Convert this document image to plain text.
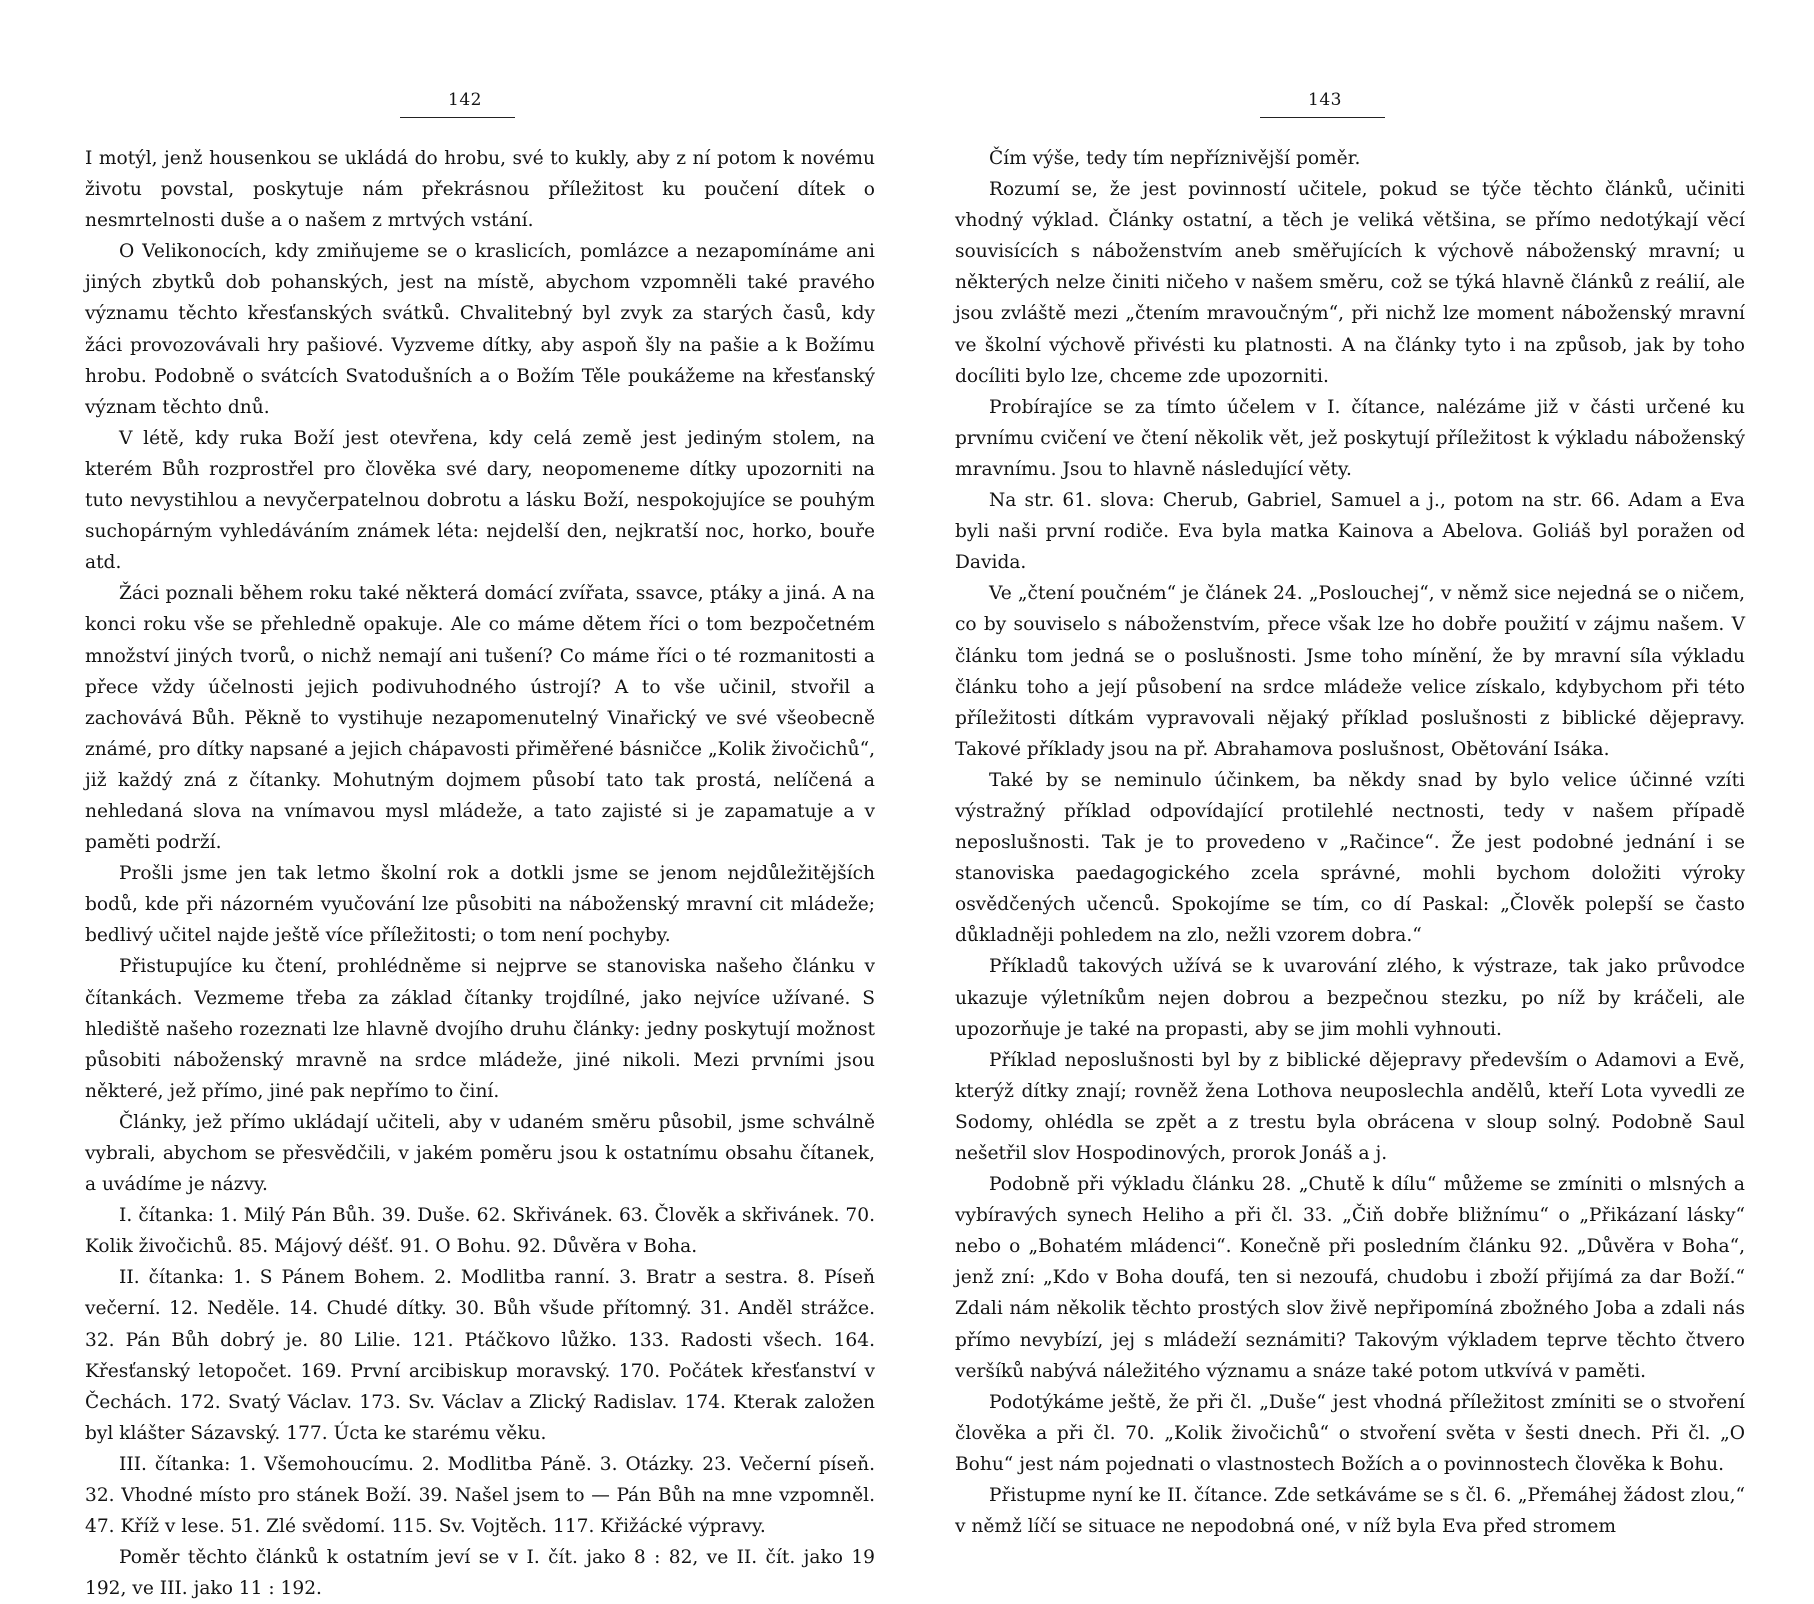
142

I motýl, jenž housenkou se ukládá do hrobu, své to kukly, aby z ní potom k novému životu povstal, poskytuje nám překrásnou příležitost ku poučení dítek o nesmrtelnosti duše a o našem z mrtvých vstání.

O Velikonocích, kdy zmiňujeme se o kraslicích, pomlázce a nezapomínáme ani jiných zbytků dob pohanských, jest na místě, abychom vzpomněli také pravého významu těchto křesťanských svátků. Chvalitebný byl zvyk za starých časů, kdy žáci provozovávali hry pašiové. Vyzveme dítky, aby aspoň šly na pašie a k Božímu hrobu. Podobně o svátcích Svatodušních a o Božím Těle poukážeme na křesťanský význam těchto dnů.

V létě, kdy ruka Boží jest otevřena, kdy celá země jest jediným stolem, na kterém Bůh rozprostřel pro člověka své dary, neopomeneme dítky upozorniti na tuto nevystihlou a nevyčerpatelnou dobrotu a lásku Boží, nespokojujíce se pouhým suchopárným vyhledáváním známek léta: nejdelší den, nejkratší noc, horko, bouře atd.

Žáci poznali během roku také některá domácí zvířata, ssavce, ptáky a jiná. A na konci roku vše se přehledně opakuje. Ale co máme dětem říci o tom bezpočetném množství jiných tvorů, o nichž nemají ani tušení? Co máme říci o té rozmanitosti a přece vždy účelnosti jejich podivuhodného ústrojí? A to vše učinil, stvořil a zachovává Bůh. Pěkně to vystihuje nezapomenutelný Vinařický ve své všeobecně známé, pro dítky napsané a jejich chápavosti přiměřené básničce „Kolik živočichů“, již každý zná z čítanky. Mohutným dojmem působí tato tak prostá, nelíčená a nehledaná slova na vnímavou mysl mládeže, a tato zajisté si je zapamatuje a v paměti podrží.

Prošli jsme jen tak letmo školní rok a dotkli jsme se jenom nejdůležitějších bodů, kde při názorném vyučování lze působiti na náboženský mravní cit mládeže; bedlivý učitel najde ještě více příležitosti; o tom není pochyby.

Přistupujíce ku čtení, prohlédněme si nejprve se stanoviska našeho článku v čítankách. Vezmeme třeba za základ čítanky trojdílné, jako nejvíce užívané. S hlediště našeho rozeznati lze hlavně dvojího druhu články: jedny poskytují možnost působiti náboženský mravně na srdce mládeže, jiné nikoli. Mezi prvními jsou některé, jež přímo, jiné pak nepřímo to činí.

Články, jež přímo ukládají učiteli, aby v udaném směru působil, jsme schválně vybrali, abychom se přesvědčili, v jakém poměru jsou k ostatnímu obsahu čítanek, a uvádíme je názvy.

I. čítanka: 1. Milý Pán Bůh. 39. Duše. 62. Skřivánek. 63. Člověk a skřivánek. 70. Kolik živočichů. 85. Májový déšť. 91. O Bohu. 92. Důvěra v Boha.

II. čítanka: 1. S Pánem Bohem. 2. Modlitba ranní. 3. Bratr a sestra. 8. Píseň večerní. 12. Neděle. 14. Chudé dítky. 30. Bůh všude přítomný. 31. Anděl strážce. 32. Pán Bůh dobrý je. 80 Lilie. 121. Ptáčkovo lůžko. 133. Radosti všech. 164. Křesťanský letopočet. 169. První arcibiskup moravský. 170. Počátek křesťanství v Čechách. 172. Svatý Václav. 173. Sv. Václav a Zlický Radislav. 174. Kterak založen byl klášter Sázavský. 177. Úcta ke starému věku.

III. čítanka: 1. Všemohoucímu. 2. Modlitba Páně. 3. Otázky. 23. Večerní píseň. 32. Vhodné místo pro stánek Boží. 39. Našel jsem to — Pán Bůh na mne vzpomněl. 47. Kříž v lese. 51. Zlé svědomí. 115. Sv. Vojtěch. 117. Křižácké výpravy.

Poměr těchto článků k ostatním jeví se v I. čít. jako 8 : 82, ve II. čít. jako 19 192, ve III. jako 11 : 192.

143

Čím výše, tedy tím nepříznivější poměr.

Rozumí se, že jest povinností učitele, pokud se týče těchto článků, učiniti vhodný výklad. Články ostatní, a těch je veliká většina, se přímo nedotýkají věcí souvisících s náboženstvím aneb směřujících k výchově náboženský mravní; u některých nelze činiti ničeho v našem směru, což se týká hlavně článků z reálií, ale jsou zvláště mezi „čtením mravoučným“, při nichž lze moment náboženský mravní ve školní výchově přivésti ku platnosti. A na články tyto i na způsob, jak by toho docíliti bylo lze, chceme zde upozorniti.

Probírajíce se za tímto účelem v I. čítance, nalézáme již v části určené ku prvnímu cvičení ve čtení několik vět, jež poskytují příležitost k výkladu náboženský mravnímu. Jsou to hlavně následující věty.

Na str. 61. slova: Cherub, Gabriel, Samuel a j., potom na str. 66. Adam a Eva byli naši první rodiče. Eva byla matka Kainova a Abelova. Goliáš byl poražen od Davida.

Ve „čtení poučném“ je článek 24. „Poslouchej“, v němž sice nejedná se o ničem, co by souviselo s náboženstvím, přece však lze ho dobře použití v zájmu našem. V článku tom jedná se o poslušnosti. Jsme toho mínění, že by mravní síla výkladu článku toho a její působení na srdce mládeže velice získalo, kdybychom při této příležitosti dítkám vypravovali nějaký příklad poslušnosti z biblické dějepravy. Takové příklady jsou na př. Abrahamova poslušnost, Obětování Isáka.

Také by se neminulo účinkem, ba někdy snad by bylo velice účinné vzíti výstražný příklad odpovídající protilehlé nectnosti, tedy v našem případě neposlušnosti. Tak je to provedeno v „Račince“. Že jest podobné jednání i se stanoviska paedagogického zcela správné, mohli bychom doložiti výroky osvědčených učenců. Spokojíme se tím, co dí Paskal: „Člověk polepší se často důkladněji pohledem na zlo, nežli vzorem dobra.“

Příkladů takových užívá se k uvarování zlého, k výstraze, tak jako průvodce ukazuje výletníkům nejen dobrou a bezpečnou stezku, po níž by kráčeli, ale upozorňuje je také na propasti, aby se jim mohli vyhnouti.

Příklad neposlušnosti byl by z biblické dějepravy především o Adamovi a Evě, kterýž dítky znají; rovněž žena Lothova neuposlechla andělů, kteří Lota vyvedli ze Sodomy, ohlédla se zpět a z trestu byla obrácena v sloup solný. Podobně Saul nešetřil slov Hospodinových, prorok Jonáš a j.

Podobně při výkladu článku 28. „Chutě k dílu“ můžeme se zmíniti o mlsných a vybíravých synech Heliho a při čl. 33. „Čiň dobře bližnímu“ o „Přikázaní lásky“ nebo o „Bohatém mládenci“. Konečně při posledním článku 92. „Důvěra v Boha“, jenž zní: „Kdo v Boha doufá, ten si nezoufá, chudobu i zboží přijímá za dar Boží.“ Zdali nám několik těchto prostých slov živě nepřipomíná zbožného Joba a zdali nás přímo nevybízí, jej s mládeží seznámiti? Takovým výkladem teprve těchto čtvero veršíků nabývá náležitého významu a snáze také potom utkvívá v paměti.

Podotýkáme ještě, že při čl. „Duše“ jest vhodná příležitost zmíniti se o stvoření člověka a při čl. 70. „Kolik živočichů“ o stvoření světa v šesti dnech. Při čl. „O Bohu“ jest nám pojednati o vlastnostech Božích a o povinnostech člověka k Bohu.

Přistupme nyní ke II. čítance. Zde setkáváme se s čl. 6. „Přemáhej žádost zlou,“ v němž líčí se situace ne nepodobná oné, v níž byla Eva před stromem
